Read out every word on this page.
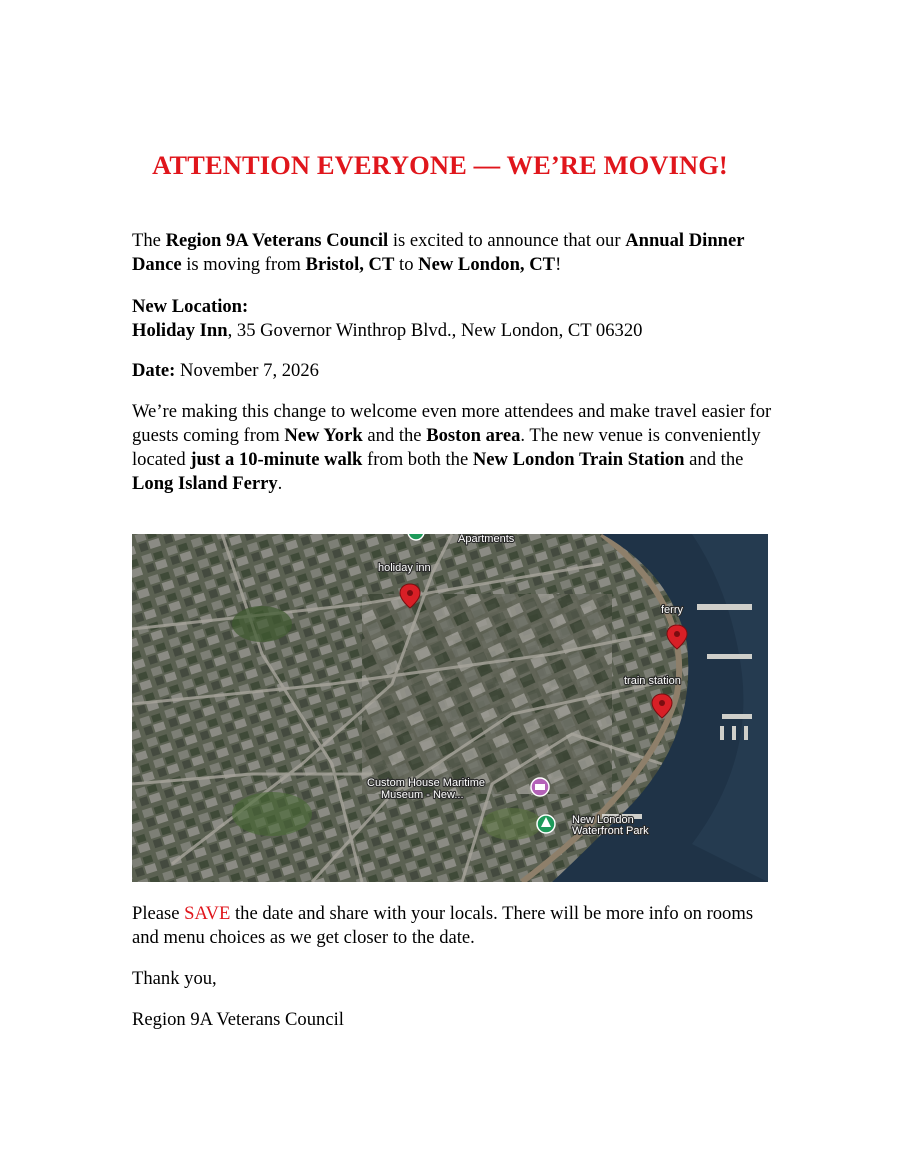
ATTENTION EVERYONE — WE’RE MOVING!
The Region 9A Veterans Council is excited to announce that our Annual Dinner Dance is moving from Bristol, CT to New London, CT!
New Location:
Holiday Inn, 35 Governor Winthrop Blvd., New London, CT 06320
Date: November 7, 2026
We’re making this change to welcome even more attendees and make travel easier for guests coming from New York and the Boston area. The new venue is conveniently located just a 10-minute walk from both the New London Train Station and the Long Island Ferry.
Apartments
holiday inn
ferry
train station
Custom House Maritime
Museum - New...
New London
Waterfront Park
Please SAVE the date and share with your locals. There will be more info on rooms and menu choices as we get closer to the date.
Thank you,
Region 9A Veterans Council
